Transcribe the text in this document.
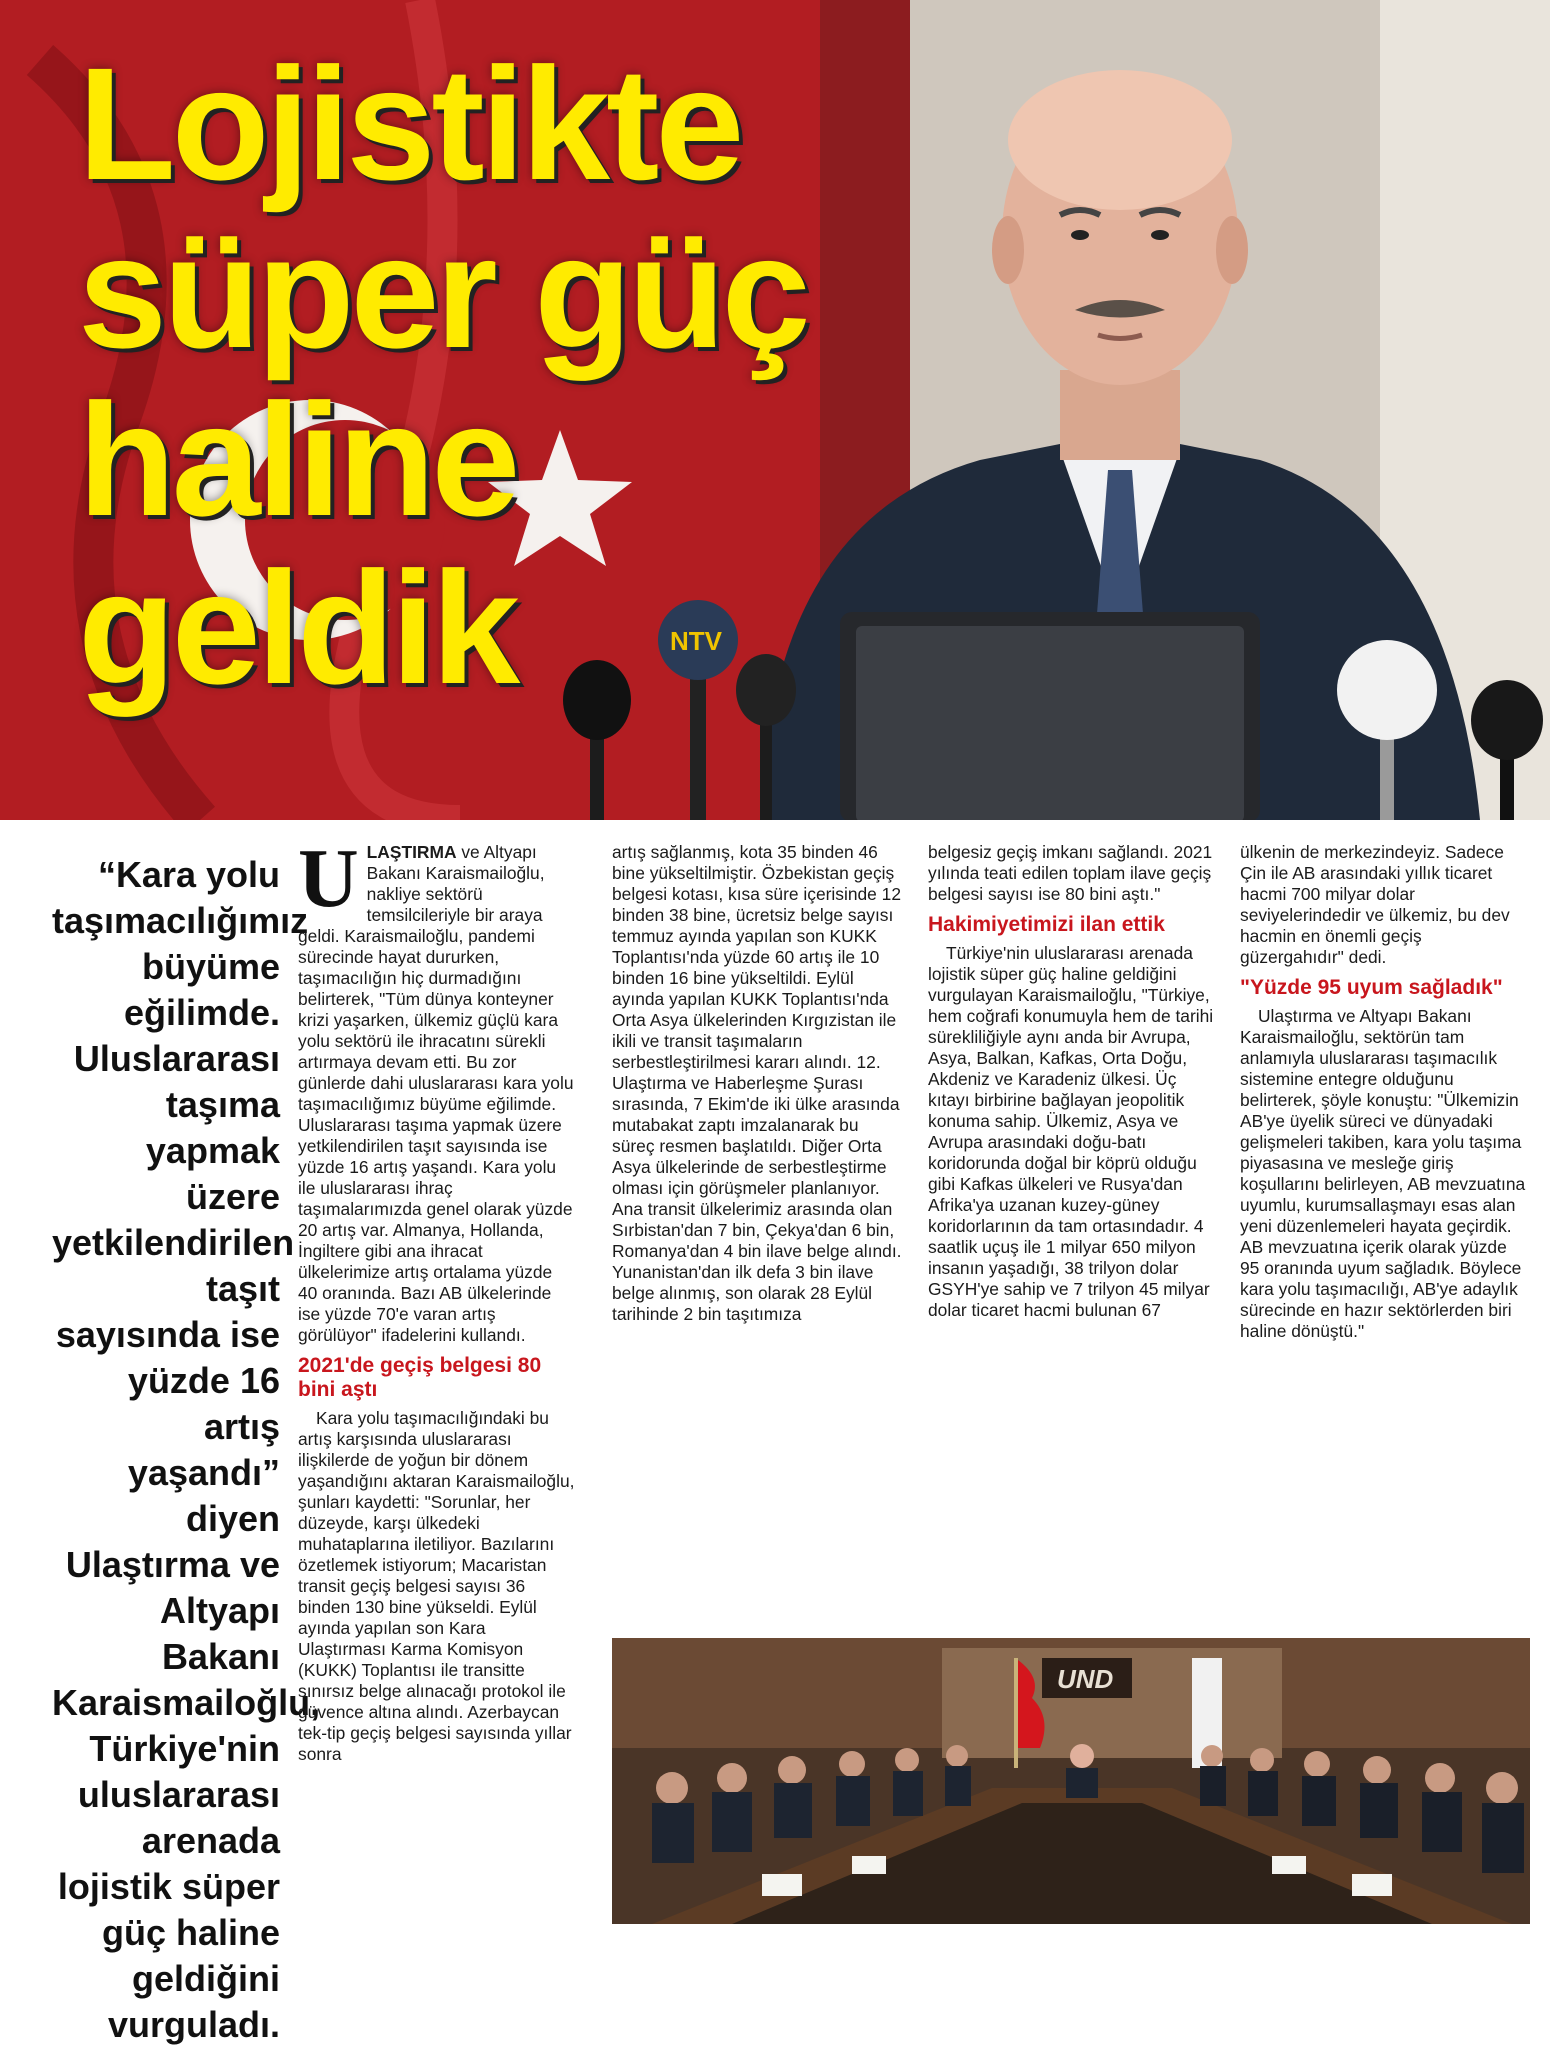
NTV
Lojistikte
süper güç
haline
geldik

“Kara yolu taşımacılığımız büyüme eğilimde. Uluslararası taşıma yapmak üzere yetkilendirilen taşıt sayısında ise yüzde 16 artış yaşandı” diyen Ulaştırma ve Altyapı Bakanı Karaismailoğlu, Türkiye'nin uluslararası arenada lojistik süper güç haline geldiğini vurguladı.

U LAŞTIRMA ve Altyapı Bakanı Karaismailoğlu, nakliye sektörü temsilcileriyle bir araya geldi. Karaismailoğlu, pandemi sürecinde hayat dururken, taşımacılığın hiç durmadığını belirterek, "Tüm dünya konteyner krizi yaşarken, ülkemiz güçlü kara yolu sektörü ile ihracatını sürekli artırmaya devam etti. Bu zor günlerde dahi uluslararası kara yolu taşımacılığımız büyüme eğilimde. Uluslararası taşıma yapmak üzere yetkilendirilen taşıt sayısında ise yüzde 16 artış yaşandı. Kara yolu ile uluslararası ihraç taşımalarımızda genel olarak yüzde 20 artış var. Almanya, Hollanda, İngiltere gibi ana ihracat ülkelerimize artış ortalama yüzde 40 oranında. Bazı AB ülkelerinde ise yüzde 70'e varan artış görülüyor" ifadelerini kullandı.

2021'de geçiş belgesi 80 bini aştı

Kara yolu taşımacılığındaki bu artış karşısında uluslararası ilişkilerde de yoğun bir dönem yaşandığını aktaran Karaismailoğlu, şunları kaydetti: "Sorunlar, her düzeyde, karşı ülkedeki muhataplarına iletiliyor. Bazılarını özetlemek istiyorum; Macaristan transit geçiş belgesi sayısı 36 binden 130 bine yükseldi. Eylül ayında yapılan son Kara Ulaştırması Karma Komisyon (KUKK) Toplantısı ile transitte sınırsız belge alınacağı protokol ile güvence altına alındı. Azerbaycan tek-tip geçiş belgesi sayısında yıllar sonra

artış sağlanmış, kota 35 binden 46 bine yükseltilmiştir. Özbekistan geçiş belgesi kotası, kısa süre içerisinde 12 binden 38 bine, ücretsiz belge sayısı temmuz ayında yapılan son KUKK Toplantısı'nda yüzde 60 artış ile 10 binden 16 bine yükseltildi. Eylül ayında yapılan KUKK Toplantısı'nda Orta Asya ülkelerinden Kırgızistan ile ikili ve transit taşımaların serbestleştirilmesi kararı alındı. 12. Ulaştırma ve Haberleşme Şurası sırasında, 7 Ekim'de iki ülke arasında mutabakat zaptı imzalanarak bu süreç resmen başlatıldı. Diğer Orta Asya ülkelerinde de serbestleştirme olması için görüşmeler planlanıyor. Ana transit ülkelerimiz arasında olan Sırbistan'dan 7 bin, Çekya'dan 6 bin, Romanya'dan 4 bin ilave belge alındı. Yunanistan'dan ilk defa 3 bin ilave belge alınmış, son olarak 28 Eylül tarihinde 2 bin taşıtımıza

belgesiz geçiş imkanı sağlandı. 2021 yılında teati edilen toplam ilave geçiş belgesi sayısı ise 80 bini aştı."

Hakimiyetimizi ilan ettik

Türkiye'nin uluslararası arenada lojistik süper güç haline geldiğini vurgulayan Karaismailoğlu, "Türkiye, hem coğrafi konumuyla hem de tarihi sürekliliğiyle aynı anda bir Avrupa, Asya, Balkan, Kafkas, Orta Doğu, Akdeniz ve Karadeniz ülkesi. Üç kıtayı birbirine bağlayan jeopolitik konuma sahip. Ülkemiz, Asya ve Avrupa arasındaki doğu-batı koridorunda doğal bir köprü olduğu gibi Kafkas ülkeleri ve Rusya'dan Afrika'ya uzanan kuzey-güney koridorlarının da tam ortasındadır. 4 saatlik uçuş ile 1 milyar 650 milyon insanın yaşadığı, 38 trilyon dolar GSYH'ye sahip ve 7 trilyon 45 milyar dolar ticaret hacmi bulunan 67

ülkenin de merkezindeyiz. Sadece Çin ile AB arasındaki yıllık ticaret hacmi 700 milyar dolar seviyelerindedir ve ülkemiz, bu dev hacmin en önemli geçiş güzergahıdır" dedi.

"Yüzde 95 uyum sağladık"

Ulaştırma ve Altyapı Bakanı Karaismailoğlu, sektörün tam anlamıyla uluslararası taşımacılık sistemine entegre olduğunu belirterek, şöyle konuştu: "Ülkemizin AB'ye üyelik süreci ve dünyadaki gelişmeleri takiben, kara yolu taşıma piyasasına ve mesleğe giriş koşullarını belirleyen, AB mevzuatına uyumlu, kurumsallaşmayı esas alan yeni düzenlemeleri hayata geçirdik. AB mevzuatına içerik olarak yüzde 95 oranında uyum sağladık. Böylece kara yolu taşımacılığı, AB'ye adaylık sürecinde en hazır sektörlerden biri haline dönüştü."

UND
